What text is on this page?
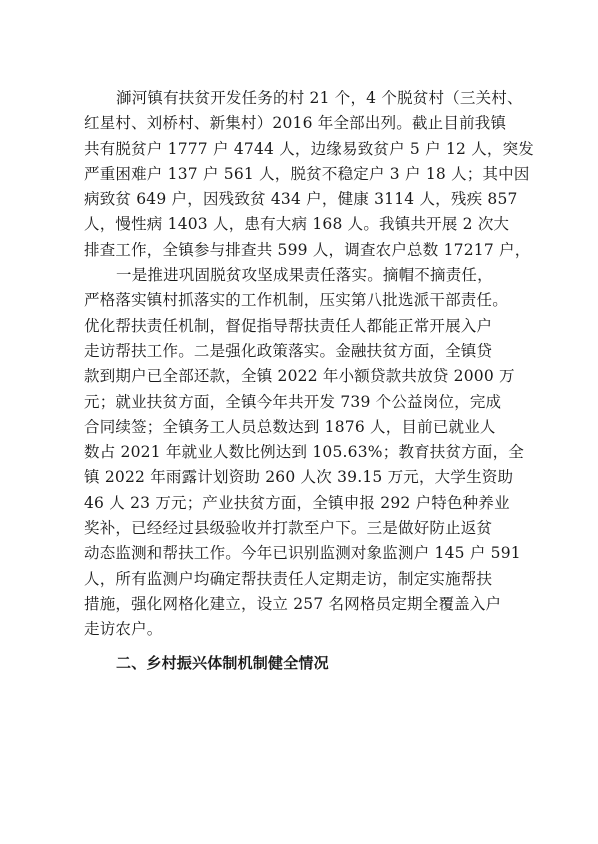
溮河镇有扶贫开发任务的村 21 个，4 个脱贫村（三关村、
红星村、刘桥村、新集村）2016 年全部出列。截止目前我镇
共有脱贫户 1777 户 4744 人，边缘易致贫户 5 户 12 人，突发
严重困难户 137 户 561 人，脱贫不稳定户 3 户 18 人；其中因
病致贫 649 户，因残致贫 434 户，健康 3114 人，残疾 857
人，慢性病 1403 人，患有大病 168 人。我镇共开展 2 次大
排查工作，全镇参与排查共 599 人，调查农户总数 17217 户，
一是推进巩固脱贫攻坚成果责任落实。摘帽不摘责任，
严格落实镇村抓落实的工作机制，压实第八批选派干部责任。
优化帮扶责任机制，督促指导帮扶责任人都能正常开展入户
走访帮扶工作。二是强化政策落实。金融扶贫方面，全镇贷
款到期户已全部还款，全镇 2022 年小额贷款共放贷 2000 万
元；就业扶贫方面，全镇今年共开发 739 个公益岗位，完成
合同续签；全镇务工人员总数达到 1876 人，目前已就业人
数占 2021 年就业人数比例达到 105.63%；教育扶贫方面，全
镇 2022 年雨露计划资助 260 人次 39.15 万元，大学生资助
46 人 23 万元；产业扶贫方面，全镇申报 292 户特色种养业
奖补，已经经过县级验收并打款至户下。三是做好防止返贫
动态监测和帮扶工作。今年已识别监测对象监测户 145 户 591
人，所有监测户均确定帮扶责任人定期走访，制定实施帮扶
措施，强化网格化建立，设立 257 名网格员定期全覆盖入户
走访农户。
二、乡村振兴体制机制健全情况
